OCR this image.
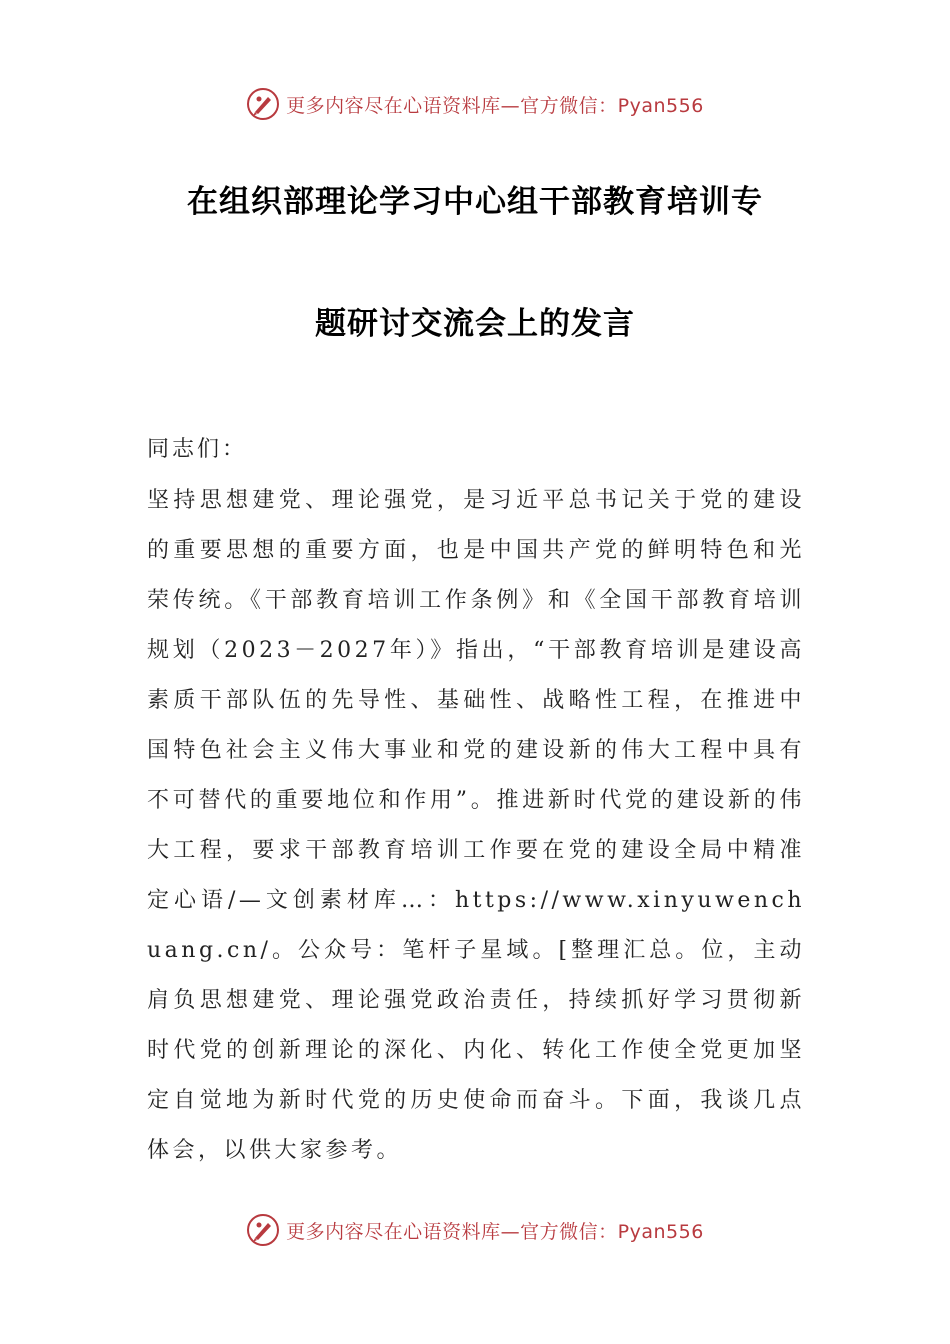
更多内容尽在心语资料库—官方微信：Pyan556
在组织部理论学习中心组干部教育培训专
题研讨交流会上的发言
同志们：
坚持思想建党、理论强党，是习近平总书记关于党的建设的重要思想的重要方面，也是中国共产党的鲜明特色和光荣传统。《干部教育培训工作条例》和《全国干部教育培训规划（2023－2027年）》指出，“干部教育培训是建设高素质干部队伍的先导性、基础性、战略性工程，在推进中国特色社会主义伟大事业和党的建设新的伟大工程中具有不可替代的重要地位和作用”。推进新时代党的建设新的伟大工程，要求干部教育培训工作要在党的建设全局中精准定心语/—文创素材库…：https://www.xinyuwenchuang.cn/。公众号：笔杆子星域。[整理汇总。位，主动肩负思想建党、理论强党政治责任，持续抓好学习贯彻新时代党的创新理论的深化、内化、转化工作使全党更加坚定自觉地为新时代党的历史使命而奋斗。下面，我谈几点体会，以供大家参考。
更多内容尽在心语资料库—官方微信：Pyan556
